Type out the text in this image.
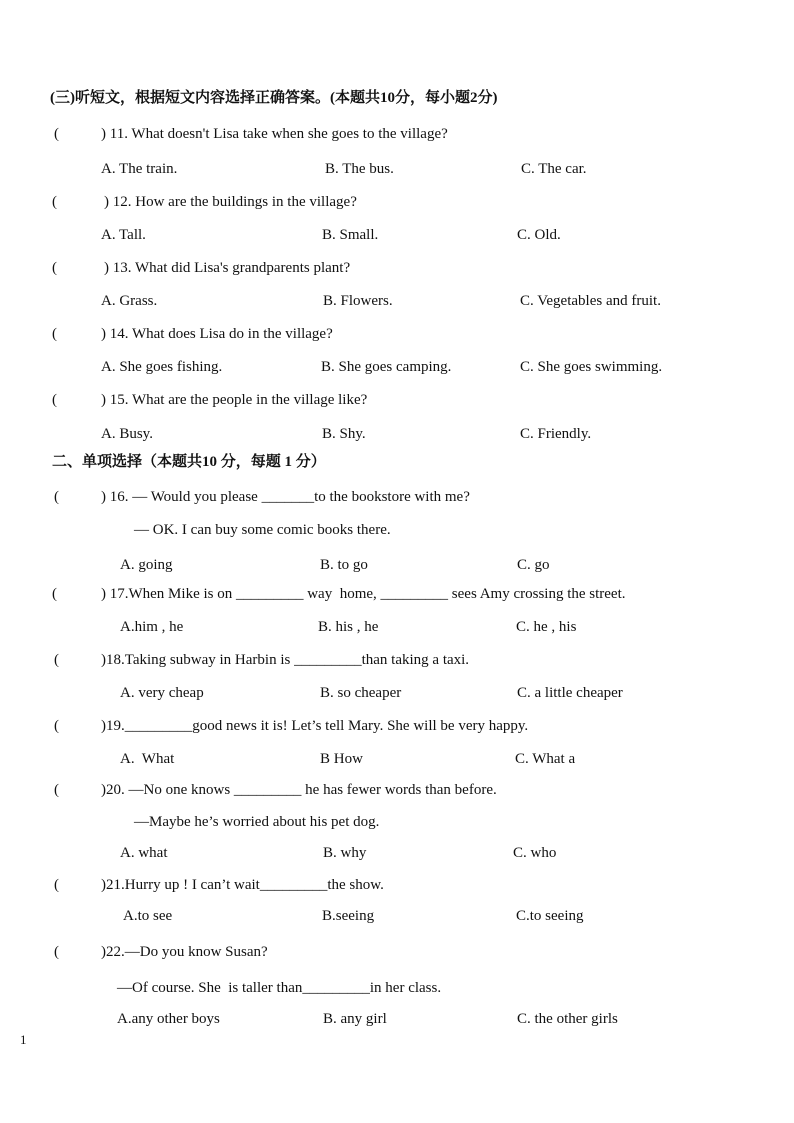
(三)听短文，根据短文内容选择正确答案。(本题共10分，每小题2分)
(	) 11. What doesn't Lisa take when she goes to the village?
A. The train.	B. The bus.	C. The car.
(	) 12. How are the buildings in the village?
A. Tall.	B. Small.	C. Old.
(	) 13. What did Lisa's grandparents plant?
A. Grass.	B. Flowers.	C. Vegetables and fruit.
(	) 14. What does Lisa do in the village?
A. She goes fishing.	B. She goes camping.	C. She goes swimming.
(	) 15. What are the people in the village like?
A. Busy.	B. Shy.	C. Friendly.
二、单项选择（本题共10 分，每题 1 分）
(	) 16. — Would you please _______to the bookstore with me?
— OK. I can buy some comic books there.
A. going	B. to go	C. go
(	) 17.When Mike is on _________ way  home, _________ sees Amy crossing the street.
A.him , he	B. his , he	C. he , his
(	)18.Taking subway in Harbin is _________than taking a taxi.
A. very cheap	B. so cheaper	C. a little cheaper
(	)19._________good news it is! Let’s tell Mary. She will be very happy.
A.  What	B How	C. What a
(	)20. —No one knows _________ he has fewer words than before.
—Maybe he’s worried about his pet dog.
A. what	B. why	C. who
(	)21.Hurry up ! I can’t wait_________the show.
A.to see	B.seeing	C.to seeing
(	)22.—Do you know Susan?
—Of course. She  is taller than_________in her class.
A.any other boys	B. any girl	C. the other girls
1
